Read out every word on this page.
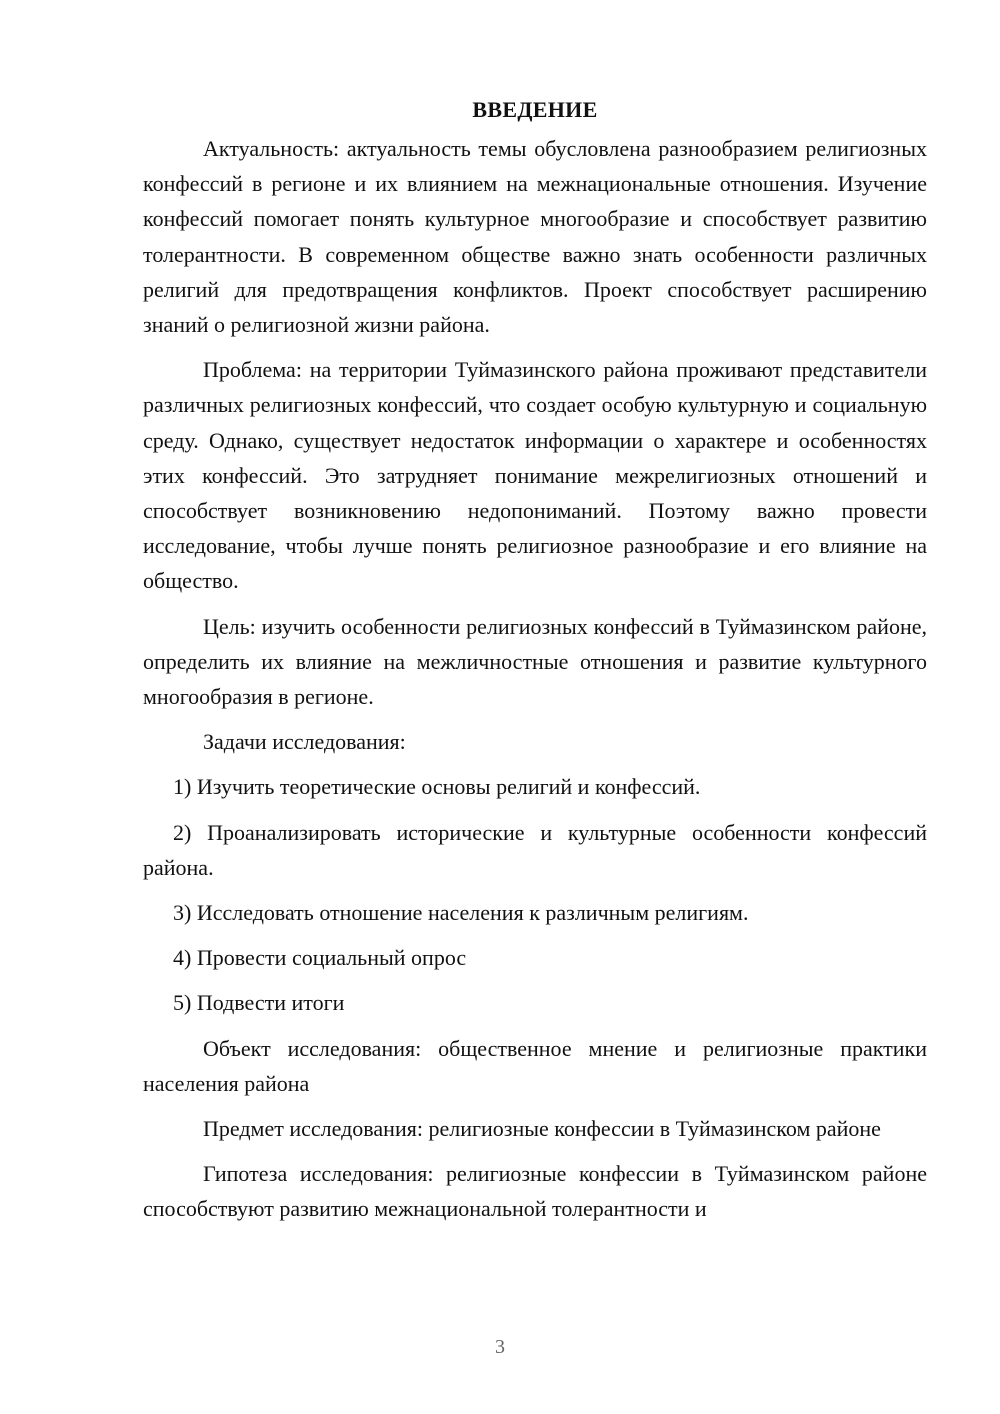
ВВЕДЕНИЕ

Актуальность: актуальность темы обусловлена разнообразием религиозных конфессий в регионе и их влиянием на межнациональные отношения. Изучение конфессий помогает понять культурное многообразие и способствует развитию толерантности. В современном обществе важно знать особенности различных религий для предотвращения конфликтов. Проект способствует расширению знаний о религиозной жизни района.

Проблема: на территории Туймазинского района проживают представители различных религиозных конфессий, что создает особую культурную и социальную среду. Однако, существует недостаток информации о характере и особенностях этих конфессий. Это затрудняет понимание межрелигиозных отношений и способствует возникновению недопониманий. Поэтому важно провести исследование, чтобы лучше понять религиозное разнообразие и его влияние на общество.

Цель: изучить особенности религиозных конфессий в Туймазинском районе, определить их влияние на межличностные отношения и развитие культурного многообразия в регионе.

Задачи исследования:

1) Изучить теоретические основы религий и конфессий.

2) Проанализировать исторические и культурные особенности конфессий района.

3) Исследовать отношение населения к различным религиям.

4) Провести социальный опрос

5) Подвести итоги

Объект исследования: общественное мнение и религиозные практики населения района

Предмет исследования: религиозные конфессии в Туймазинском районе

Гипотеза исследования: религиозные конфессии в Туймазинском районе способствуют развитию межнациональной толерантности и

3
